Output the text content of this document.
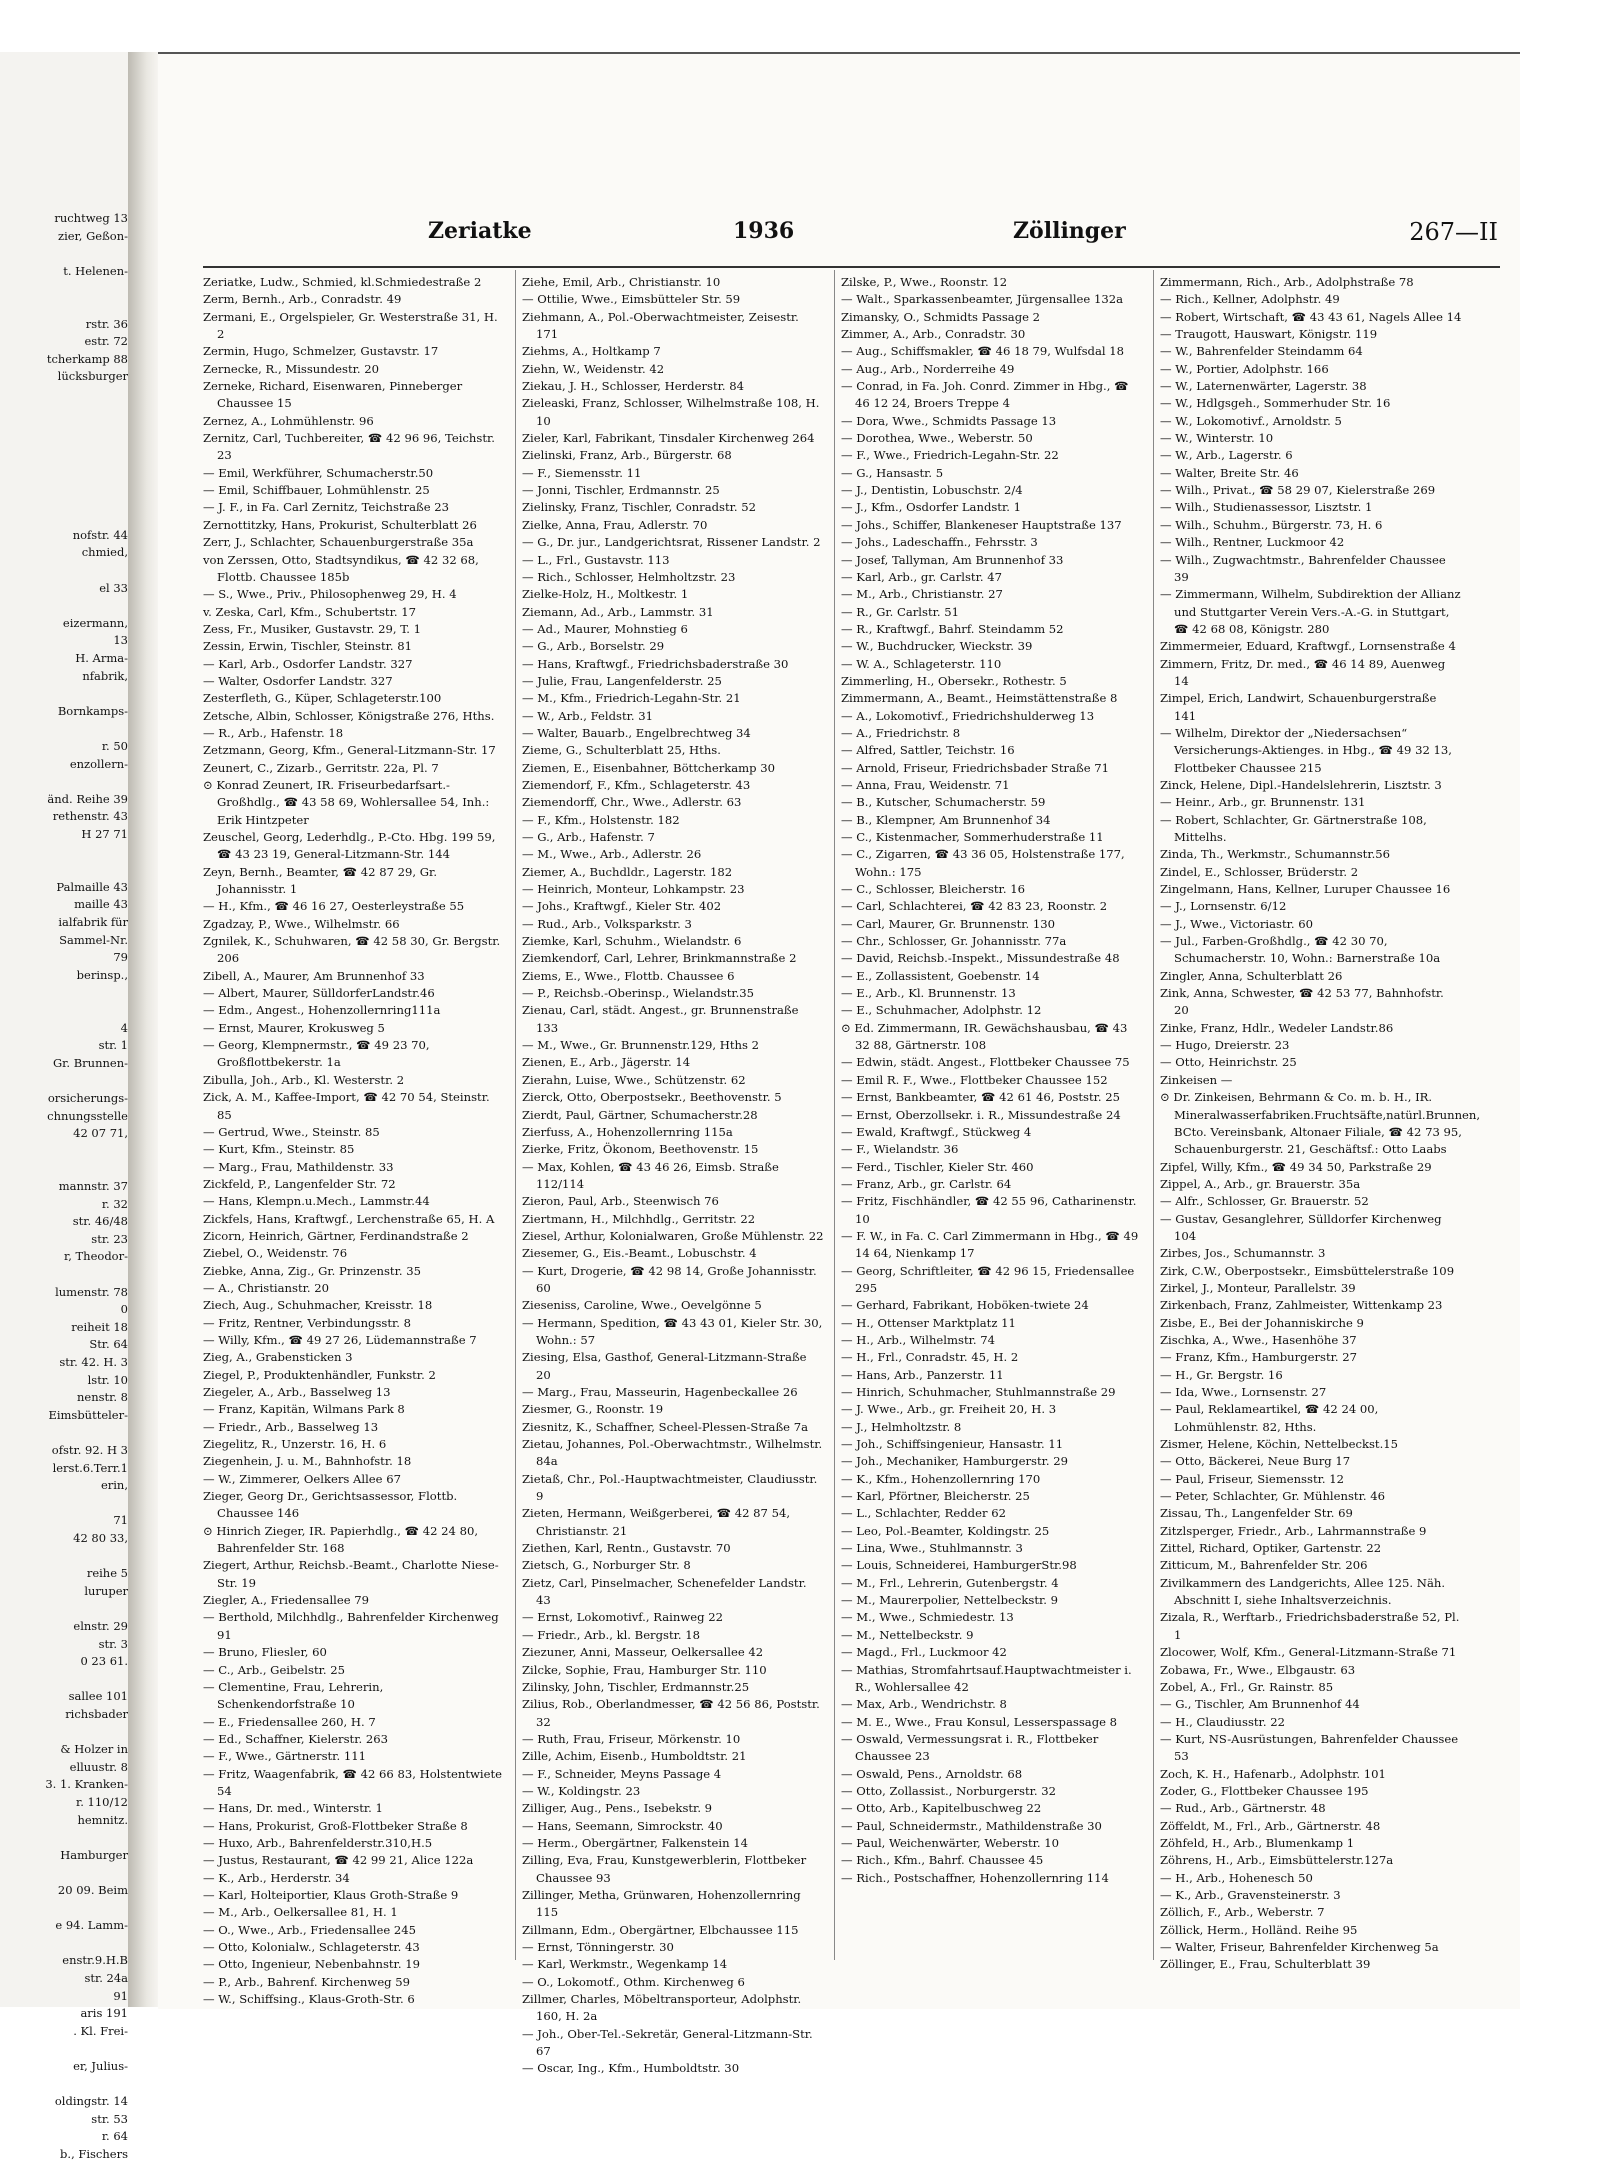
Zeriatke	1936	Zöllinger	267—II
Zeriatke, Ludw., Schmied, kl.Schmiedestraße 2
Zerm, Bernh., Arb., Conradstr. 49
Zermani, E., Orgelspieler, Gr. Westerstraße 31, H. 2
Zermin, Hugo, Schmelzer, Gustavstr. 17
Zernecke, R., Missundestr. 20
Zerneke, Richard, Eisenwaren, Pinneberger Chaussee 15
Zernez, A., Lohmühlenstr. 96
Zernitz, Carl, Tuchbereiter, ☎ 42 96 96, Teichstr. 23
— Emil, Werkführer, Schumacherstr.50
— Emil, Schiffbauer, Lohmühlenstr. 25
— J. F., in Fa. Carl Zernitz, Teichstraße 23
Zernottitzky, Hans, Prokurist, Schulterblatt 26
Zerr, J., Schlachter, Schauenburgerstraße 35a
von Zerssen, Otto, Stadtsyndikus, ☎ 42 32 68, Flottb. Chaussee 185b
— S., Wwe., Priv., Philosophenweg 29, H. 4
v. Zeska, Carl, Kfm., Schubertstr. 17
Zess, Fr., Musiker, Gustavstr. 29, T. 1
Zessin, Erwin, Tischler, Steinstr. 81
— Karl, Arb., Osdorfer Landstr. 327
— Walter, Osdorfer Landstr. 327
Zesterfleth, G., Küper, Schlageterstr.100
Zetsche, Albin, Schlosser, Königstraße 276, Hths.
— R., Arb., Hafenstr. 18
Zetzmann, Georg, Kfm., General-Litzmann-Str. 17
Zeunert, C., Zizarb., Gerritstr. 22a, Pl. 7
⊙ Konrad Zeunert, IR. Friseurbedarfsart.-Großhdlg., ☎ 43 58 69, Wohlersallee 54, Inh.: Erik Hintzpeter
Zeuschel, Georg, Lederhdlg., P.-Cto. Hbg. 199 59, ☎ 43 23 19, General-Litzmann-Str. 144
Zeyn, Bernh., Beamter, ☎ 42 87 29, Gr. Johannisstr. 1
— H., Kfm., ☎ 46 16 27, Oesterleystraße 55
Zgadzay, P., Wwe., Wilhelmstr. 66
Zgnilek, K., Schuhwaren, ☎ 42 58 30, Gr. Bergstr. 206
Zibell, A., Maurer, Am Brunnenhof 33
— Albert, Maurer, SülldorferLandstr.46
— Edm., Angest., Hohenzollernring111a
— Ernst, Maurer, Krokusweg 5
— Georg, Klempnermstr., ☎ 49 23 70, Großflottbekerstr. 1a
Zibulla, Joh., Arb., Kl. Westerstr. 2
Zick, A. M., Kaffee-Import, ☎ 42 70 54, Steinstr. 85
— Gertrud, Wwe., Steinstr. 85
— Kurt, Kfm., Steinstr. 85
— Marg., Frau, Mathildenstr. 33
Zickfeld, P., Langenfelder Str. 72
— Hans, Klempn.u.Mech., Lammstr.44
Zickfels, Hans, Kraftwgf., Lerchenstraße 65, H. A
Zicorn, Heinrich, Gärtner, Ferdinandstraße 2
Ziebel, O., Weidenstr. 76
Ziebke, Anna, Zig., Gr. Prinzenstr. 35
— A., Christianstr. 20
Ziech, Aug., Schuhmacher, Kreisstr. 18
— Fritz, Rentner, Verbindungsstr. 8
— Willy, Kfm., ☎ 49 27 26, Lüdemannstraße 7
Zieg, A., Grabensticken 3
Ziegel, P., Produktenhändler, Funkstr. 2
Ziegeler, A., Arb., Basselweg 13
— Franz, Kapitän, Wilmans Park 8
— Friedr., Arb., Basselweg 13
Ziegelitz, R., Unzerstr. 16, H. 6
Ziegenhein, J. u. M., Bahnhofstr. 18
— W., Zimmerer, Oelkers Allee 67
Zieger, Georg Dr., Gerichtsassessor, Flottb. Chaussee 146
⊙ Hinrich Zieger, IR. Papierhdlg., ☎ 42 24 80, Bahrenfelder Str. 168
Ziegert, Arthur, Reichsb.-Beamt., Charlotte Niese-Str. 19
Ziegler, A., Friedensallee 79
— Berthold, Milchhdlg., Bahrenfelder Kirchenweg 91
— Bruno, Fliesler, 60
— C., Arb., Geibelstr. 25
— Clementine, Frau, Lehrerin, Schenkendorfstraße 10
— E., Friedensallee 260, H. 7
— Ed., Schaffner, Kielerstr. 263
— F., Wwe., Gärtnerstr. 111
— Fritz, Waagenfabrik, ☎ 42 66 83, Holstentwiete 54
— Hans, Dr. med., Winterstr. 1
— Hans, Prokurist, Groß-Flottbeker Straße 8
— Huxo, Arb., Bahrenfelderstr.310,H.5
— Justus, Restaurant, ☎ 42 99 21, Alice 122a
— K., Arb., Herderstr. 34
— Karl, Holteiportier, Klaus Groth-Straße 9
— M., Arb., Oelkersallee 81, H. 1
— O., Wwe., Arb., Friedensallee 245
— Otto, Kolonialw., Schlageterstr. 43
— Otto, Ingenieur, Nebenbahnstr. 19
— P., Arb., Bahrenf. Kirchenweg 59
— W., Schiffsing., Klaus-Groth-Str. 6
Ziehe, Emil, Arb., Christianstr. 10
— Ottilie, Wwe., Eimsbütteler Str. 59
Ziehmann, A., Pol.-Oberwachtmeister, Zeisestr. 171
Ziehms, A., Holtkamp 7
Ziehn, W., Weidenstr. 42
Ziekau, J. H., Schlosser, Herderstr. 84
Zieleaski, Franz, Schlosser, Wilhelmstraße 108, H. 10
Zieler, Karl, Fabrikant, Tinsdaler Kirchenweg 264
Zielinski, Franz, Arb., Bürgerstr. 68
— F., Siemensstr. 11
— Jonni, Tischler, Erdmannstr. 25
Zielinsky, Franz, Tischler, Conradstr. 52
Zielke, Anna, Frau, Adlerstr. 70
— G., Dr. jur., Landgerichtsrat, Rissener Landstr. 2
— L., Frl., Gustavstr. 113
— Rich., Schlosser, Helmholtzstr. 23
Zielke-Holz, H., Moltkestr. 1
Ziemann, Ad., Arb., Lammstr. 31
— Ad., Maurer, Mohnstieg 6
— G., Arb., Borselstr. 29
— Hans, Kraftwgf., Friedrichsbaderstraße 30
— Julie, Frau, Langenfelderstr. 25
— M., Kfm., Friedrich-Legahn-Str. 21
— W., Arb., Feldstr. 31
— Walter, Bauarb., Engelbrechtweg 34
Zieme, G., Schulterblatt 25, Hths.
Ziemen, E., Eisenbahner, Böttcherkamp 30
Ziemendorf, F., Kfm., Schlageterstr. 43
Ziemendorff, Chr., Wwe., Adlerstr. 63
— F., Kfm., Holstenstr. 182
— G., Arb., Hafenstr. 7
— M., Wwe., Arb., Adlerstr. 26
Ziemer, A., Buchdldr., Lagerstr. 182
— Heinrich, Monteur, Lohkampstr. 23
— Johs., Kraftwgf., Kieler Str. 402
— Rud., Arb., Volksparkstr. 3
Ziemke, Karl, Schuhm., Wielandstr. 6
Ziemkendorf, Carl, Lehrer, Brinkmannstraße 2
Ziems, E., Wwe., Flottb. Chaussee 6
— P., Reichsb.-Oberinsp., Wielandstr.35
Zienau, Carl, städt. Angest., gr. Brunnenstraße 133
— M., Wwe., Gr. Brunnenstr.129, Hths 2
Zienen, E., Arb., Jägerstr. 14
Zierahn, Luise, Wwe., Schützenstr. 62
Zierck, Otto, Oberpostsekr., Beethovenstr. 5
Zierdt, Paul, Gärtner, Schumacherstr.28
Zierfuss, A., Hohenzollernring 115a
Zierke, Fritz, Ökonom, Beethovenstr. 15
— Max, Kohlen, ☎ 43 46 26, Eimsb. Straße 112/114
Zieron, Paul, Arb., Steenwisch 76
Ziertmann, H., Milchhdlg., Gerritstr. 22
Ziesel, Arthur, Kolonialwaren, Große Mühlenstr. 22
Ziesemer, G., Eis.-Beamt., Lobuschstr. 4
— Kurt, Drogerie, ☎ 42 98 14, Große Johannisstr. 60
Zieseniss, Caroline, Wwe., Oevelgönne 5
— Hermann, Spedition, ☎ 43 43 01, Kieler Str. 30, Wohn.: 57
Ziesing, Elsa, Gasthof, General-Litzmann-Straße 20
— Marg., Frau, Masseurin, Hagenbeckallee 26
Ziesmer, G., Roonstr. 19
Ziesnitz, K., Schaffner, Scheel-Plessen-Straße 7a
Zietau, Johannes, Pol.-Oberwachtmstr., Wilhelmstr. 84a
Zietaß, Chr., Pol.-Hauptwachtmeister, Claudiusstr. 9
Zieten, Hermann, Weißgerberei, ☎ 42 87 54, Christianstr. 21
Ziethen, Karl, Rentn., Gustavstr. 70
Zietsch, G., Norburger Str. 8
Zietz, Carl, Pinselmacher, Schenefelder Landstr. 43
— Ernst, Lokomotivf., Rainweg 22
— Friedr., Arb., kl. Bergstr. 18
Ziezuner, Anni, Masseur, Oelkersallee 42
Zilcke, Sophie, Frau, Hamburger Str. 110
Zilinsky, John, Tischler, Erdmannstr.25
Zilius, Rob., Oberlandmesser, ☎ 42 56 86, Poststr. 32
— Ruth, Frau, Friseur, Mörkenstr. 10
Zille, Achim, Eisenb., Humboldtstr. 21
— F., Schneider, Meyns Passage 4
— W., Koldingstr. 23
Zilliger, Aug., Pens., Isebekstr. 9
— Hans, Seemann, Simrockstr. 40
— Herm., Obergärtner, Falkenstein 14
Zilling, Eva, Frau, Kunstgewerblerin, Flottbeker Chaussee 93
Zillinger, Metha, Grünwaren, Hohenzollernring 115
Zillmann, Edm., Obergärtner, Elbchaussee 115
— Ernst, Tönningerstr. 30
— Karl, Werkmstr., Wegenkamp 14
— O., Lokomotf., Othm. Kirchenweg 6
Zillmer, Charles, Möbeltransporteur, Adolphstr. 160, H. 2a
— Joh., Ober-Tel.-Sekretär, General-Litzmann-Str. 67
— Oscar, Ing., Kfm., Humboldtstr. 30
Zilske, P., Wwe., Roonstr. 12
— Walt., Sparkassenbeamter, Jürgensallee 132a
Zimansky, O., Schmidts Passage 2
Zimmer, A., Arb., Conradstr. 30
— Aug., Schiffsmakler, ☎ 46 18 79, Wulfsdal 18
— Aug., Arb., Norderreihe 49
— Conrad, in Fa. Joh. Conrd. Zimmer in Hbg., ☎ 46 12 24, Broers Treppe 4
— Dora, Wwe., Schmidts Passage 13
— Dorothea, Wwe., Weberstr. 50
— F., Wwe., Friedrich-Legahn-Str. 22
— G., Hansastr. 5
— J., Dentistin, Lobuschstr. 2/4
— J., Kfm., Osdorfer Landstr. 1
— Johs., Schiffer, Blankeneser Hauptstraße 137
— Johs., Ladeschaffn., Fehrsstr. 3
— Josef, Tallyman, Am Brunnenhof 33
— Karl, Arb., gr. Carlstr. 47
— M., Arb., Christianstr. 27
— R., Gr. Carlstr. 51
— R., Kraftwgf., Bahrf. Steindamm 52
— W., Buchdrucker, Wieckstr. 39
— W. A., Schlageterstr. 110
Zimmerling, H., Obersekr., Rothestr. 5
Zimmermann, A., Beamt., Heimstättenstraße 8
— A., Lokomotivf., Friedrichshulderweg 13
— A., Friedrichstr. 8
— Alfred, Sattler, Teichstr. 16
— Arnold, Friseur, Friedrichsbader Straße 71
— Anna, Frau, Weidenstr. 71
— B., Kutscher, Schumacherstr. 59
— B., Klempner, Am Brunnenhof 34
— C., Kistenmacher, Sommerhuderstraße 11
— C., Zigarren, ☎ 43 36 05, Holstenstraße 177, Wohn.: 175
— C., Schlosser, Bleicherstr. 16
— Carl, Schlachterei, ☎ 42 83 23, Roonstr. 2
— Carl, Maurer, Gr. Brunnenstr. 130
— Chr., Schlosser, Gr. Johannisstr. 77a
— David, Reichsb.-Inspekt., Missundestraße 48
— E., Zollassistent, Goebenstr. 14
— E., Arb., Kl. Brunnenstr. 13
— E., Schuhmacher, Adolphstr. 12
⊙ Ed. Zimmermann, IR. Gewächshausbau, ☎ 43 32 88, Gärtnerstr. 108
— Edwin, städt. Angest., Flottbeker Chaussee 75
— Emil R. F., Wwe., Flottbeker Chaussee 152
— Ernst, Bankbeamter, ☎ 42 61 46, Poststr. 25
— Ernst, Oberzollsekr. i. R., Missundestraße 24
— Ewald, Kraftwgf., Stückweg 4
— F., Wielandstr. 36
— Ferd., Tischler, Kieler Str. 460
— Franz, Arb., gr. Carlstr. 64
— Fritz, Fischhändler, ☎ 42 55 96, Catharinenstr. 10
— F. W., in Fa. C. Carl Zimmermann in Hbg., ☎ 49 14 64, Nienkamp 17
— Georg, Schriftleiter, ☎ 42 96 15, Friedensallee 295
— Gerhard, Fabrikant, Hoböken-twiete 24
— H., Ottenser Marktplatz 11
— H., Arb., Wilhelmstr. 74
— H., Frl., Conradstr. 45, H. 2
— Hans, Arb., Panzerstr. 11
— Hinrich, Schuhmacher, Stuhlmannstraße 29
— J. Wwe., Arb., gr. Freiheit 20, H. 3
— J., Helmholtzstr. 8
— Joh., Schiffsingenieur, Hansastr. 11
— Joh., Mechaniker, Hamburgerstr. 29
— K., Kfm., Hohenzollernring 170
— Karl, Pförtner, Bleicherstr. 25
— L., Schlachter, Redder 62
— Leo, Pol.-Beamter, Koldingstr. 25
— Lina, Wwe., Stuhlmannstr. 3
— Louis, Schneiderei, HamburgerStr.98
— M., Frl., Lehrerin, Gutenbergstr. 4
— M., Maurerpolier, Nettelbeckstr. 9
— M., Wwe., Schmiedestr. 13
— M., Nettelbeckstr. 9
— Magd., Frl., Luckmoor 42
— Mathias, Stromfahrtsauf.Hauptwachtmeister i. R., Wohlersallee 42
— Max, Arb., Wendrichstr. 8
— M. E., Wwe., Frau Konsul, Lesserspassage 8
— Oswald, Vermessungsrat i. R., Flottbeker Chaussee 23
— Oswald, Pens., Arnoldstr. 68
— Otto, Zollassist., Norburgerstr. 32
— Otto, Arb., Kapitelbuschweg 22
— Paul, Schneidermstr., Mathildenstraße 30
— Paul, Weichenwärter, Weberstr. 10
— Rich., Kfm., Bahrf. Chaussee 45
— Rich., Postschaffner, Hohenzollernring 114
Zimmermann, Rich., Arb., Adolphstraße 78
— Rich., Kellner, Adolphstr. 49
— Robert, Wirtschaft, ☎ 43 43 61, Nagels Allee 14
— Traugott, Hauswart, Königstr. 119
— W., Bahrenfelder Steindamm 64
— W., Portier, Adolphstr. 166
— W., Laternenwärter, Lagerstr. 38
— W., Hdlgsgeh., Sommerhuder Str. 16
— W., Lokomotivf., Arnoldstr. 5
— W., Winterstr. 10
— W., Arb., Lagerstr. 6
— Walter, Breite Str. 46
— Wilh., Privat., ☎ 58 29 07, Kielerstraße 269
— Wilh., Studienassessor, Lisztstr. 1
— Wilh., Schuhm., Bürgerstr. 73, H. 6
— Wilh., Rentner, Luckmoor 42
— Wilh., Zugwachtmstr., Bahrenfelder Chaussee 39
— Zimmermann, Wilhelm, Subdirektion der Allianz und Stuttgarter Verein Vers.-A.-G. in Stuttgart, ☎ 42 68 08, Königstr. 280
Zimmermeier, Eduard, Kraftwgf., Lornsenstraße 4
Zimmern, Fritz, Dr. med., ☎ 46 14 89, Auenweg 14
Zimpel, Erich, Landwirt, Schauenburgerstraße 141
— Wilhelm, Direktor der „Niedersachsen“ Versicherungs-Aktienges. in Hbg., ☎ 49 32 13, Flottbeker Chaussee 215
Zinck, Helene, Dipl.-Handelslehrerin, Lisztstr. 3
— Heinr., Arb., gr. Brunnenstr. 131
— Robert, Schlachter, Gr. Gärtnerstraße 108, Mittelhs.
Zinda, Th., Werkmstr., Schumannstr.56
Zindel, E., Schlosser, Brüderstr. 2
Zingelmann, Hans, Kellner, Luruper Chaussee 16
— J., Lornsenstr. 6/12
— J., Wwe., Victoriastr. 60
— Jul., Farben-Großhdlg., ☎ 42 30 70, Schumacherstr. 10, Wohn.: Barnerstraße 10a
Zingler, Anna, Schulterblatt 26
Zink, Anna, Schwester, ☎ 42 53 77, Bahnhofstr. 20
Zinke, Franz, Hdlr., Wedeler Landstr.86
— Hugo, Dreierstr. 23
— Otto, Heinrichstr. 25
Zinkeisen —
⊙ Dr. Zinkeisen, Behrmann & Co. m. b. H., IR. Mineralwasserfabriken.Fruchtsäfte,natürl.Brunnen, BCto. Vereinsbank, Altonaer Filiale, ☎ 42 73 95, Schauenburgerstr. 21, Geschäftsf.: Otto Laabs
Zipfel, Willy, Kfm., ☎ 49 34 50, Parkstraße 29
Zippel, A., Arb., gr. Brauerstr. 35a
— Alfr., Schlosser, Gr. Brauerstr. 52
— Gustav, Gesanglehrer, Sülldorfer Kirchenweg 104
Zirbes, Jos., Schumannstr. 3
Zirk, C.W., Oberpostsekr., Eimsbüttelerstraße 109
Zirkel, J., Monteur, Parallelstr. 39
Zirkenbach, Franz, Zahlmeister, Wittenkamp 23
Zisbe, E., Bei der Johanniskirche 9
Zischka, A., Wwe., Hasenhöhe 37
— Franz, Kfm., Hamburgerstr. 27
— H., Gr. Bergstr. 16
— Ida, Wwe., Lornsenstr. 27
— Paul, Reklameartikel, ☎ 42 24 00, Lohmühlenstr. 82, Hths.
Zismer, Helene, Köchin, Nettelbeckst.15
— Otto, Bäckerei, Neue Burg 17
— Paul, Friseur, Siemensstr. 12
— Peter, Schlachter, Gr. Mühlenstr. 46
Zissau, Th., Langenfelder Str. 69
Zitzlsperger, Friedr., Arb., Lahrmannstraße 9
Zittel, Richard, Optiker, Gartenstr. 22
Zitticum, M., Bahrenfelder Str. 206
Zivilkammern des Landgerichts, Allee 125. Näh. Abschnitt I, siehe Inhaltsverzeichnis.
Zizala, R., Werftarb., Friedrichsbaderstraße 52, Pl. 1
Zlocower, Wolf, Kfm., General-Litzmann-Straße 71
Zobawa, Fr., Wwe., Elbgaustr. 63
Zobel, A., Frl., Gr. Rainstr. 85
— G., Tischler, Am Brunnenhof 44
— H., Claudiusstr. 22
— Kurt, NS-Ausrüstungen, Bahrenfelder Chaussee 53
Zoch, K. H., Hafenarb., Adolphstr. 101
Zoder, G., Flottbeker Chaussee 195
— Rud., Arb., Gärtnerstr. 48
Zöffeldt, M., Frl., Arb., Gärtnerstr. 48
Zöhfeld, H., Arb., Blumenkamp 1
Zöhrens, H., Arb., Eimsbüttelerstr.127a
— H., Arb., Hohenesch 50
— K., Arb., Gravensteinerstr. 3
Zöllich, F., Arb., Weberstr. 7
Zöllick, Herm., Holländ. Reihe 95
— Walter, Friseur, Bahrenfelder Kirchenweg 5a
Zöllinger, E., Frau, Schulterblatt 39
ruchtweg 13
zier, Geßon-
t. Helenen-
rstr. 36
estr. 72
tcherkamp 88
lücksburger
nofstr. 44
chmied,
el 33
eizermann,
13
H. Arma-
nfabrik,
Bornkamps-
r. 50
enzollern-
änd. Reihe 39
rethenstr. 43
H 27 71
Palmaille 43
maille 43
ialfabrik für
Sammel-Nr.
79
berinsp.,
4
str. 1
Gr. Brunnen-
orsicherungs-
chnungsstelle
42 07 71,
mannstr. 37
r. 32
str. 46/48
str. 23
r, Theodor-
lumenstr. 78
0
reiheit 18
Str. 64
str. 42. H. 3
lstr. 10
nenstr. 8
Eimsbütteler-
ofstr. 92. H 3
lerst.6.Terr.1
erin,
71
42 80 33,
reihe 5
luruper
elnstr. 29
str. 3
0 23 61.
sallee 101
richsbader
& Holzer in
elluustr. 8
3. 1. Kranken-
r. 110/12
hemnitz.
Hamburger
20 09. Beim
e 94. Lamm-
enstr.9.H.B
str. 24a
91
aris 191
. Kl. Frei-
er, Julius-
oldingstr. 14
str. 53
r. 64
b., Fischers
